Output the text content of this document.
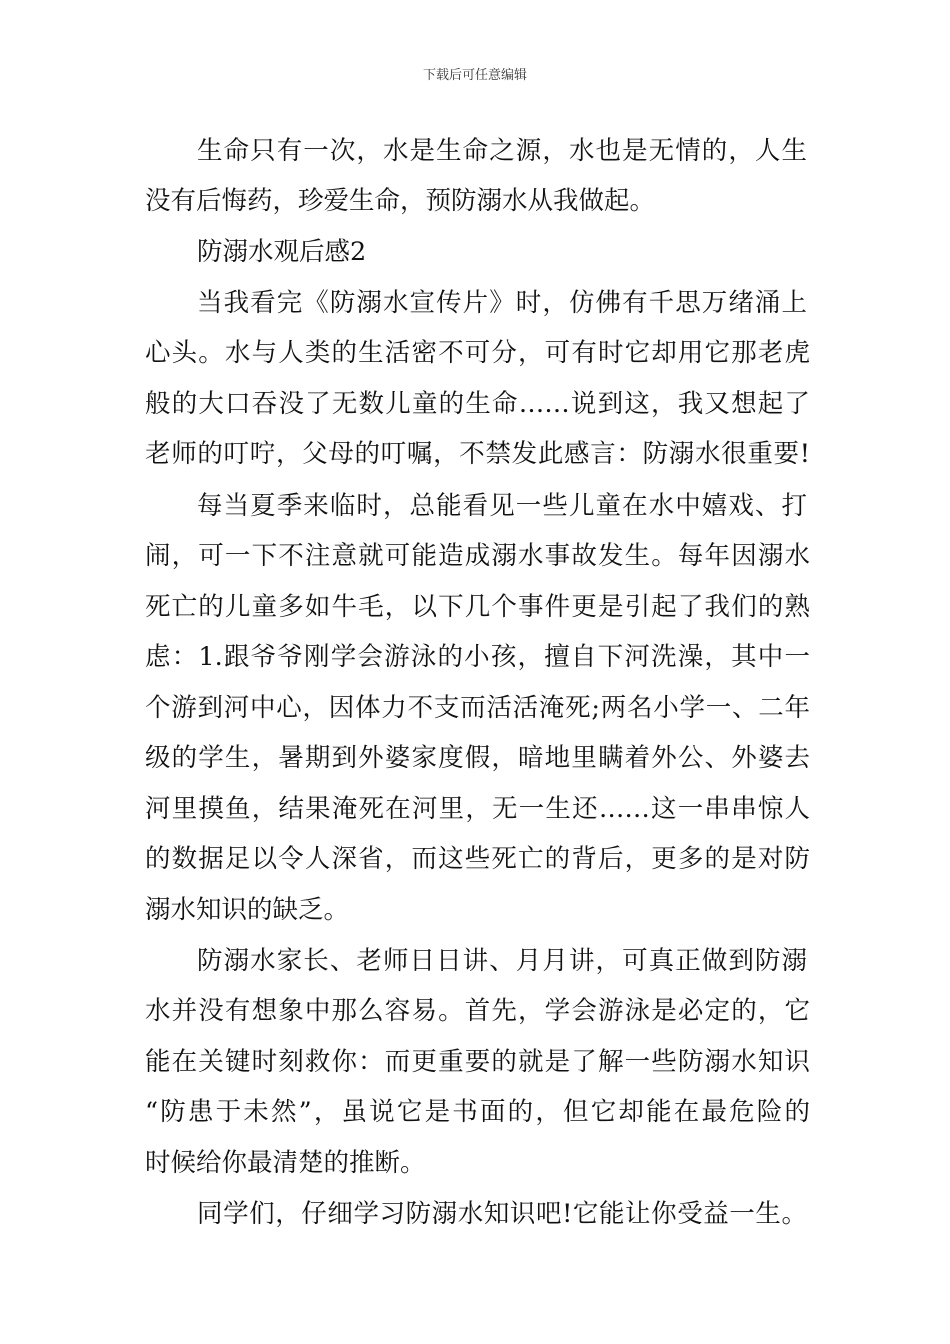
下载后可任意编辑
生命只有一次，水是生命之源，水也是无情的，人生
没有后悔药，珍爱生命，预防溺水从我做起。
防溺水观后感2
当我看完《防溺水宣传片》时，仿佛有千思万绪涌上
心头。水与人类的生活密不可分，可有时它却用它那老虎
般的大口吞没了无数儿童的生命……说到这，我又想起了
老师的叮咛，父母的叮嘱，不禁发此感言：防溺水很重要!
每当夏季来临时，总能看见一些儿童在水中嬉戏、打
闹，可一下不注意就可能造成溺水事故发生。每年因溺水
死亡的儿童多如牛毛，以下几个事件更是引起了我们的熟
虑：1.跟爷爷刚学会游泳的小孩，擅自下河洗澡，其中一
个游到河中心，因体力不支而活活淹死;两名小学一、二年
级的学生，暑期到外婆家度假，暗地里瞒着外公、外婆去
河里摸鱼，结果淹死在河里，无一生还……这一串串惊人
的数据足以令人深省，而这些死亡的背后，更多的是对防
溺水知识的缺乏。
防溺水家长、老师日日讲、月月讲，可真正做到防溺
水并没有想象中那么容易。首先，学会游泳是必定的，它
能在关键时刻救你：而更重要的就是了解一些防溺水知识
“防患于未然”，虽说它是书面的，但它却能在最危险的
时候给你最清楚的推断。
同学们，仔细学习防溺水知识吧!它能让你受益一生。
